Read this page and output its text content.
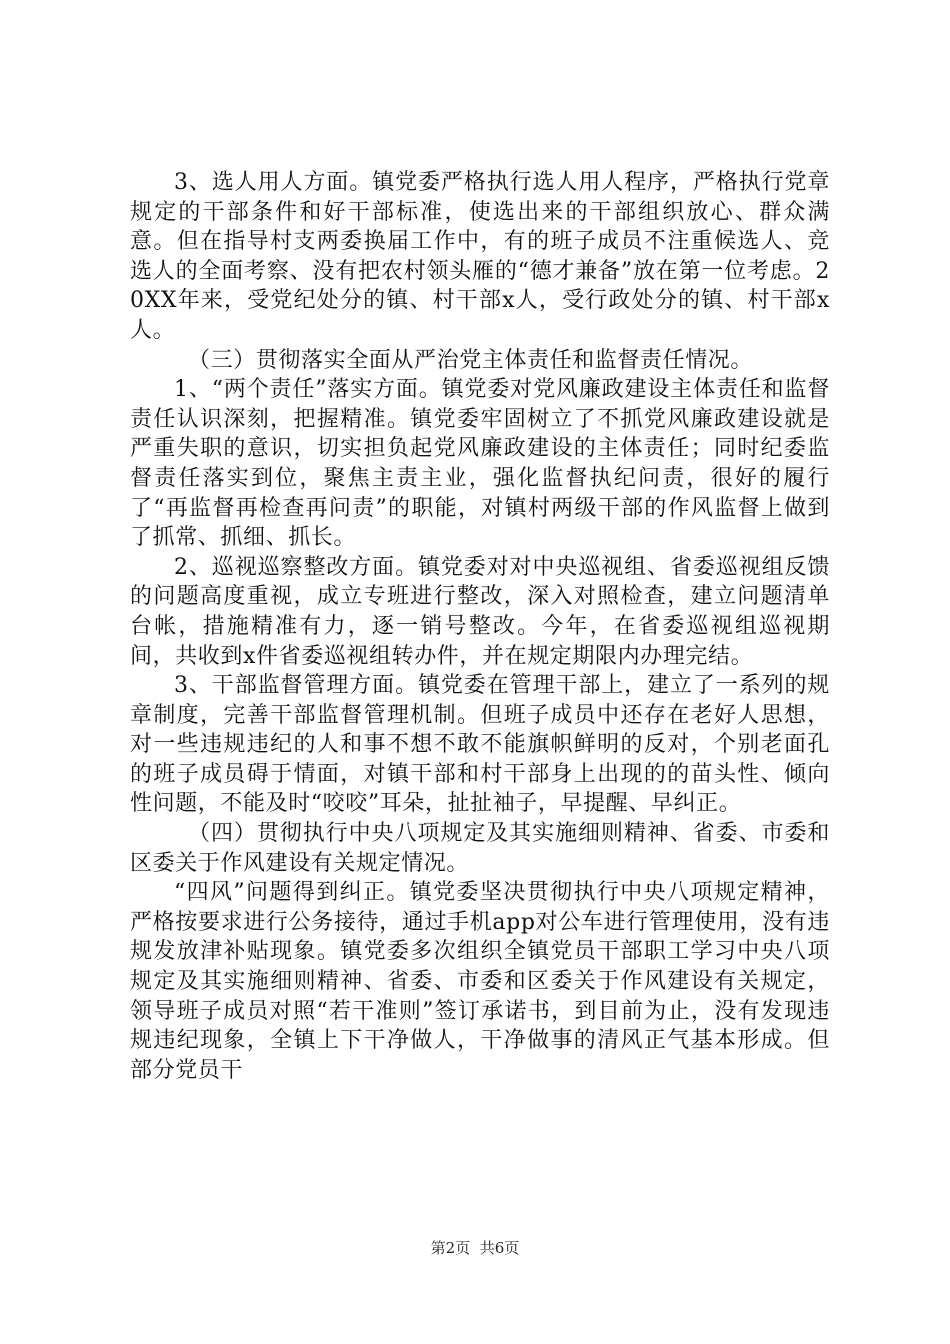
3、选人用人方面。镇党委严格执行选人用人程序，严格执行党章规定的干部条件和好干部标准，使选出来的干部组织放心、群众满意。但在指导村支两委换届工作中，有的班子成员不注重候选人、竞选人的全面考察、没有把农村领头雁的“德才兼备”放在第一位考虑。20XX年来，受党纪处分的镇、村干部x人，受行政处分的镇、村干部x人。

（三）贯彻落实全面从严治党主体责任和监督责任情况。

1、“两个责任”落实方面。镇党委对党风廉政建设主体责任和监督责任认识深刻，把握精准。镇党委牢固树立了不抓党风廉政建设就是严重失职的意识，切实担负起党风廉政建设的主体责任；同时纪委监督责任落实到位，聚焦主责主业，强化监督执纪问责，很好的履行了“再监督再检查再问责”的职能，对镇村两级干部的作风监督上做到了抓常、抓细、抓长。

2、巡视巡察整改方面。镇党委对对中央巡视组、省委巡视组反馈的问题高度重视，成立专班进行整改，深入对照检查，建立问题清单台帐，措施精准有力，逐一销号整改。今年，在省委巡视组巡视期间，共收到x件省委巡视组转办件，并在规定期限内办理完结。

3、干部监督管理方面。镇党委在管理干部上，建立了一系列的规章制度，完善干部监督管理机制。但班子成员中还存在老好人思想，对一些违规违纪的人和事不想不敢不能旗帜鲜明的反对，个别老面孔的班子成员碍于情面，对镇干部和村干部身上出现的的苗头性、倾向性问题，不能及时“咬咬”耳朵，扯扯袖子，早提醒、早纠正。

（四）贯彻执行中央八项规定及其实施细则精神、省委、市委和区委关于作风建设有关规定情况。

“四风”问题得到纠正。镇党委坚决贯彻执行中央八项规定精神，严格按要求进行公务接待，通过手机app对公车进行管理使用，没有违规发放津补贴现象。镇党委多次组织全镇党员干部职工学习中央八项规定及其实施细则精神、省委、市委和区委关于作风建设有关规定，领导班子成员对照“若干准则”签订承诺书，到目前为止，没有发现违规违纪现象，全镇上下干净做人，干净做事的清风正气基本形成。但部分党员干

第2页 共6页
